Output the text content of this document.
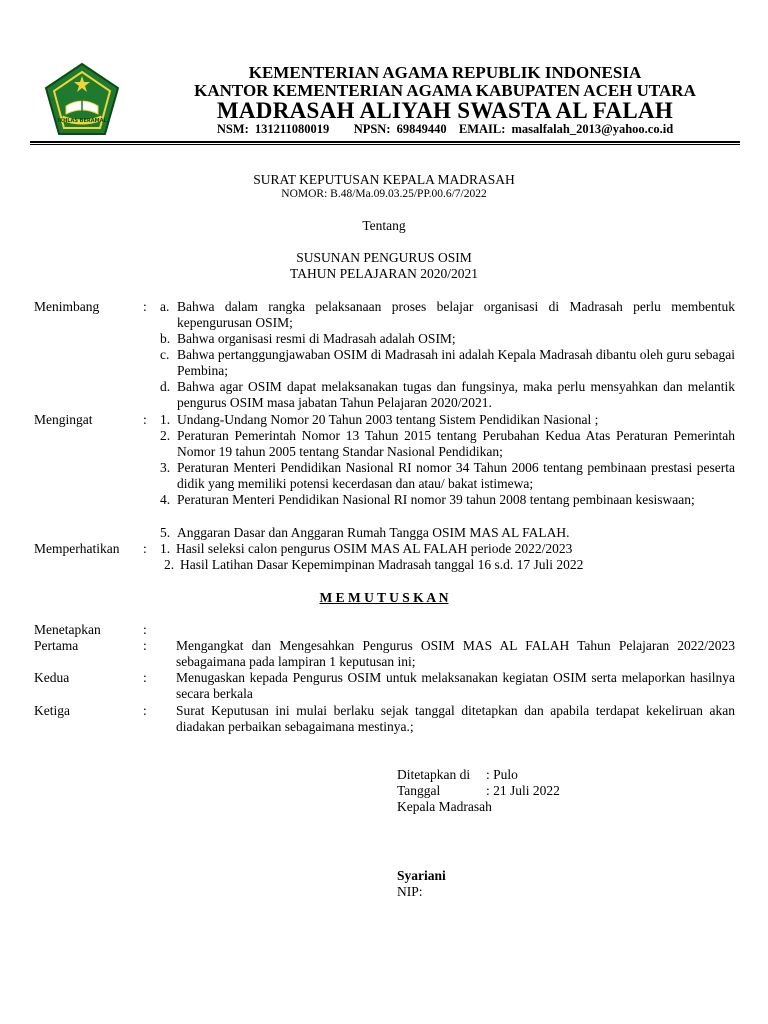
IKHLAS BERAMAL
KEMENTERIAN AGAMA REPUBLIK INDONESIA
KANTOR KEMENTERIAN AGAMA KABUPATEN ACEH UTARA
MADRASAH ALIYAH SWASTA AL FALAH
NSM: 131211080019    NPSN: 69849440  EMAIL: masalfalah_2013@yahoo.co.id
SURAT KEPUTUSAN KEPALA MADRASAH
NOMOR: B.48/Ma.09.03.25/PP.00.6/7/2022
Tentang
SUSUNAN PENGURUS OSIM
TAHUN PELAJARAN 2020/2021
Menimbang	: a. Bahwa dalam rangka pelaksanaan proses belajar organisasi di Madrasah perlu membentuk kepengurusan OSIM;

b. Bahwa organisasi resmi di Madrasah adalah OSIM;

c. Bahwa pertanggungjawaban OSIM di Madrasah ini adalah Kepala Madrasah dibantu oleh guru sebagai Pembina;

d. Bahwa agar OSIM dapat melaksanakan tugas dan fungsinya, maka perlu mensyahkan dan melantik pengurus OSIM masa jabatan Tahun Pelajaran 2020/2021.

Mengingat	: 1. Undang-Undang Nomor 20 Tahun 2003 tentang Sistem Pendidikan Nasional ;

2. Peraturan Pemerintah Nomor 13 Tahun 2015 tentang Perubahan Kedua Atas Peraturan Pemerintah Nomor 19 tahun 2005 tentang Standar Nasional Pendidikan;

3. Peraturan Menteri Pendidikan Nasional RI nomor 34 Tahun 2006 tentang pembinaan prestasi peserta didik yang memiliki potensi kecerdasan dan atau/ bakat istimewa;

4. Peraturan Menteri Pendidikan Nasional RI nomor 39 tahun 2008 tentang pembinaan kesiswaan;

5. Anggaran Dasar dan Anggaran Rumah Tangga OSIM MAS AL FALAH.

Memperhatikan : 1. Hasil seleksi calon pengurus OSIM MAS AL FALAH periode 2022/2023

2. Hasil Latihan Dasar Kepemimpinan Madrasah tanggal 16 s.d. 17 Juli 2022

M E M U T U S K A N
Menetapkan	:
Pertama	: Mengangkat dan Mengesahkan Pengurus OSIM MAS AL FALAH Tahun Pelajaran 2022/2023 sebagaimana pada lampiran 1 keputusan ini;

Kedua	: Menugaskan kepada Pengurus OSIM untuk melaksanakan kegiatan OSIM serta melaporkan hasilnya secara berkala

Ketiga	: Surat Keputusan ini mulai berlaku sejak tanggal ditetapkan dan apabila terdapat kekeliruan akan diadakan perbaikan sebagaimana mestinya.;

Ditetapkan di : Pulo
Tanggal	: 21 Juli 2022
Kepala Madrasah
Syariani
NIP:
